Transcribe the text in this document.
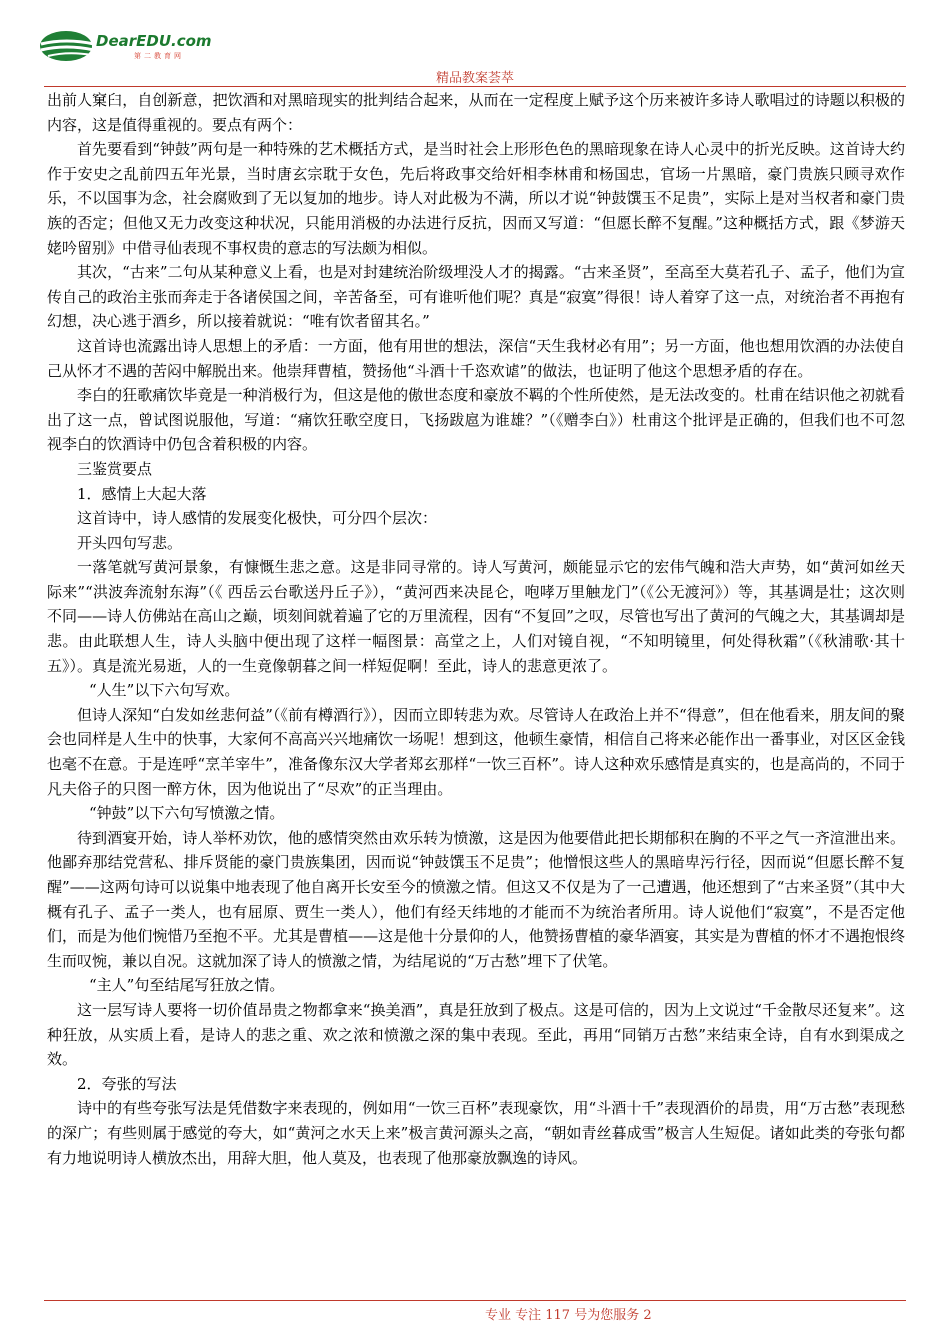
DearEDU.com
第二教育网
精品教案荟萃

出前人窠臼，自创新意，把饮酒和对黑暗现实的批判结合起来，从而在一定程度上赋予这个历来被许多诗人歌唱过的诗题以积极的内容，这是值得重视的。要点有两个：

首先要看到“钟鼓”两句是一种特殊的艺术概括方式，是当时社会上形形色色的黑暗现象在诗人心灵中的折光反映。这首诗大约作于安史之乱前四五年光景，当时唐玄宗耽于女色，先后将政事交给奸相李林甫和杨国忠，官场一片黑暗，豪门贵族只顾寻欢作乐，不以国事为念，社会腐败到了无以复加的地步。诗人对此极为不满，所以才说“钟鼓馔玉不足贵”，实际上是对当权者和豪门贵族的否定；但他又无力改变这种状况，只能用消极的办法进行反抗，因而又写道：“但愿长醉不复醒。”这种概括方式，跟《梦游天姥吟留别》中借寻仙表现不事权贵的意志的写法颇为相似。

其次，“古来”二句从某种意义上看，也是对封建统治阶级埋没人才的揭露。“古来圣贤”，至高至大莫若孔子、孟子，他们为宣传自己的政治主张而奔走于各诸侯国之间，辛苦备至，可有谁听他们呢？真是“寂寞”得很！诗人着穿了这一点，对统治者不再抱有幻想，决心逃于酒乡，所以接着就说：“唯有饮者留其名。”

这首诗也流露出诗人思想上的矛盾：一方面，他有用世的想法，深信“天生我材必有用”；另一方面，他也想用饮酒的办法使自己从怀才不遇的苦闷中解脱出来。他崇拜曹植，赞扬他“斗酒十千恣欢谑”的做法，也证明了他这个思想矛盾的存在。

李白的狂歌痛饮毕竟是一种消极行为，但这是他的傲世态度和豪放不羁的个性所使然，是无法改变的。杜甫在结识他之初就看出了这一点，曾试图说服他，写道：“痛饮狂歌空度日，飞扬跋扈为谁雄？”（《赠李白》）杜甫这个批评是正确的，但我们也不可忽视李白的饮酒诗中仍包含着积极的内容。

三鉴赏要点

1．感情上大起大落

这首诗中，诗人感情的发展变化极快，可分四个层次：

开头四句写悲。

一落笔就写黄河景象，有慷慨生悲之意。这是非同寻常的。诗人写黄河，颇能显示它的宏伟气魄和浩大声势，如“黄河如丝天际来”“洪波奔流射东海”（《 西岳云台歌送丹丘子》），“黄河西来决昆仑，咆哮万里触龙门”（《公无渡河》）等，其基调是壮；这次则不同——诗人仿佛站在高山之巅，顷刻间就着遍了它的万里流程，因有“不复回”之叹，尽管也写出了黄河的气魄之大，其基调却是悲。由此联想人生，诗人头脑中便出现了这样一幅图景：高堂之上，人们对镜自视，“不知明镜里，何处得秋霜”（《秋浦歌·其十五》）。真是流光易逝，人的一生竟像朝暮之间一样短促啊！至此，诗人的悲意更浓了。

“人生”以下六句写欢。

但诗人深知“白发如丝悲何益”（《前有樽酒行》），因而立即转悲为欢。尽管诗人在政治上并不“得意”，但在他看来，朋友间的聚会也同样是人生中的快事，大家何不高高兴兴地痛饮一场呢！想到这，他顿生豪情，相信自己将来必能作出一番事业，对区区金钱也毫不在意。于是连呼“烹羊宰牛”，准备像东汉大学者郑玄那样“一饮三百杯”。诗人这种欢乐感情是真实的，也是高尚的，不同于凡夫俗子的只图一醉方休，因为他说出了“尽欢”的正当理由。

“钟鼓”以下六句写愤激之情。

待到酒宴开始，诗人举杯劝饮，他的感情突然由欢乐转为愤激，这是因为他要借此把长期郁积在胸的不平之气一齐渲泄出来。他鄙弃那结党营私、排斥贤能的豪门贵族集团，因而说“钟鼓馔玉不足贵”；他憎恨这些人的黑暗卑污行径，因而说“但愿长醉不复醒”——这两句诗可以说集中地表现了他自离开长安至今的愤激之情。但这又不仅是为了一己遭遇，他还想到了“古来圣贤”（其中大概有孔子、孟子一类人，也有屈原、贾生一类人），他们有经天纬地的才能而不为统治者所用。诗人说他们“寂寞”，不是否定他们，而是为他们惋惜乃至抱不平。尤其是曹植——这是他十分景仰的人，他赞扬曹植的豪华酒宴，其实是为曹植的怀才不遇抱恨终生而叹惋，兼以自况。这就加深了诗人的愤激之情，为结尾说的“万古愁”埋下了伏笔。

“主人”句至结尾写狂放之情。

这一层写诗人要将一切价值昂贵之物都拿来“换美酒”，真是狂放到了极点。这是可信的，因为上文说过“千金散尽还复来”。这种狂放，从实质上看，是诗人的悲之重、欢之浓和愤激之深的集中表现。至此，再用“同销万古愁”来结束全诗，自有水到渠成之效。

2．夸张的写法

诗中的有些夸张写法是凭借数字来表现的，例如用“一饮三百杯”表现豪饮，用“斗酒十千”表现酒价的昂贵，用“万古愁”表现愁的深广；有些则属于感觉的夸大，如“黄河之水天上来”极言黄河源头之高，“朝如青丝暮成雪”极言人生短促。诸如此类的夸张句都有力地说明诗人横放杰出，用辞大胆，他人莫及，也表现了他那豪放飘逸的诗风。

专业 专注 117 号为您服务 2
